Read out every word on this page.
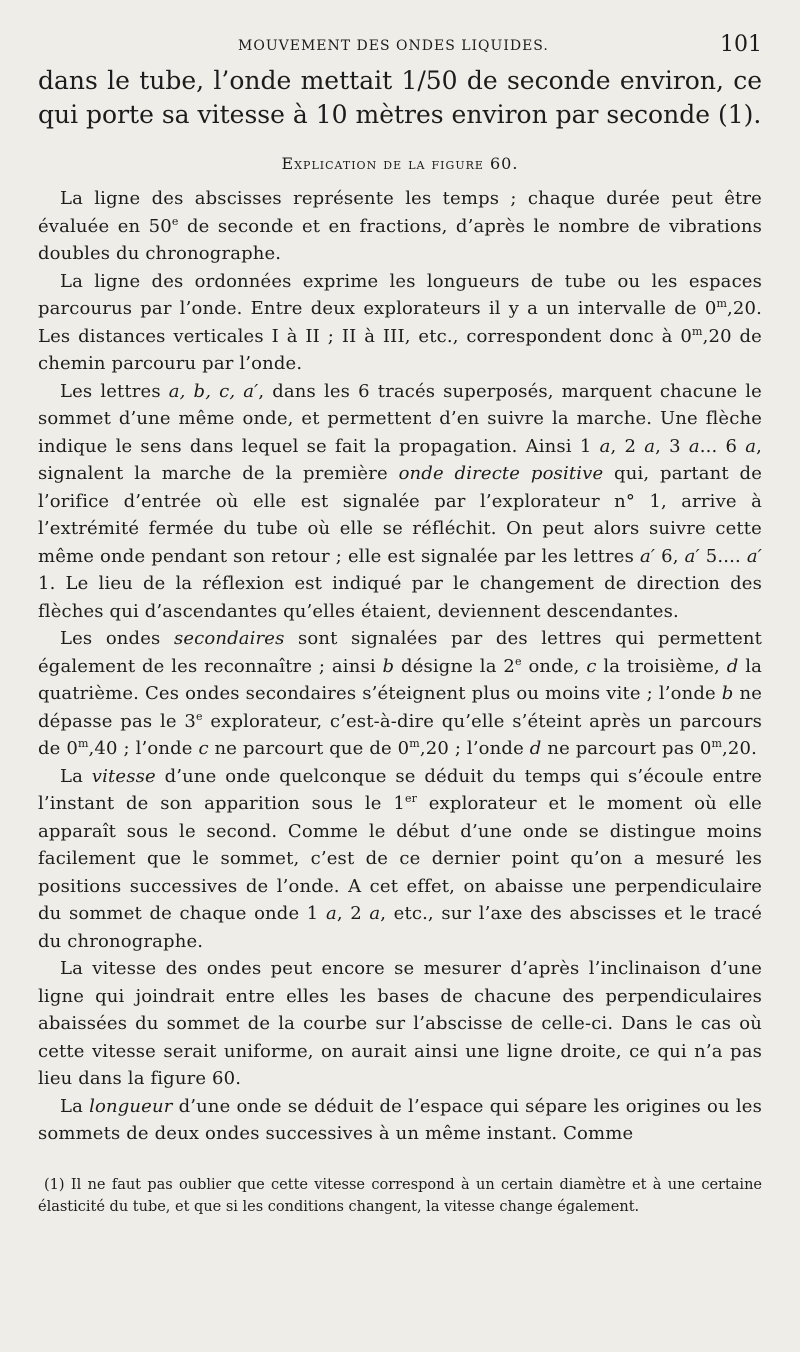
MOUVEMENT DES ONDES LIQUIDES.	101

dans le tube, l’onde mettait 1/50 de seconde environ, ce qui porte sa vitesse à 10 mètres environ par seconde (1).

Explication de la figure 60.

La ligne des abscisses représente les temps ; chaque durée peut être évaluée en 50e de seconde et en fractions, d’après le nombre de vibrations doubles du chronographe.

La ligne des ordonnées exprime les longueurs de tube ou les espaces parcourus par l’onde. Entre deux explorateurs il y a un intervalle de 0$^m$,20. Les distances verticales I à II ; II à III, etc., correspondent donc à 0$^m$,20 de chemin parcouru par l’onde.

Les lettres a, b, c, a′, dans les 6 tracés superposés, marquent chacune le sommet d’une même onde, et permettent d’en suivre la marche. Une flèche indique le sens dans lequel se fait la propagation. Ainsi 1 a, 2 a, 3 a... 6 a, signalent la marche de la première onde directe positive qui, partant de l’orifice d’entrée où elle est signalée par l’explorateur n° 1, arrive à l’extrémité fermée du tube où elle se réfléchit. On peut alors suivre cette même onde pendant son retour ; elle est signalée par les lettres a′ 6, a′ 5.... a′ 1. Le lieu de la réflexion est indiqué par le changement de direction des flèches qui d’ascendantes qu’elles étaient, deviennent descendantes.

Les ondes secondaires sont signalées par des lettres qui permettent également de les reconnaître ; ainsi b désigne la 2e onde, c la troisième, d la quatrième. Ces ondes secondaires s’éteignent plus ou moins vite ; l’onde b ne dépasse pas le 3e explorateur, c’est-à-dire qu’elle s’éteint après un parcours de 0$^m$,40 ; l’onde c ne parcourt que de 0$^m$,20 ; l’onde d ne parcourt pas 0$^m$,20.

La vitesse d’une onde quelconque se déduit du temps qui s’écoule entre l’instant de son apparition sous le 1er explorateur et le moment où elle apparaît sous le second. Comme le début d’une onde se distingue moins facilement que le sommet, c’est de ce dernier point qu’on a mesuré les positions successives de l’onde. A cet effet, on abaisse une perpendiculaire du sommet de chaque onde 1 a, 2 a, etc., sur l’axe des abscisses et le tracé du chronographe.

La vitesse des ondes peut encore se mesurer d’après l’inclinaison d’une ligne qui joindrait entre elles les bases de chacune des perpendiculaires abaissées du sommet de la courbe sur l’abscisse de celle-ci. Dans le cas où cette vitesse serait uniforme, on aurait ainsi une ligne droite, ce qui n’a pas lieu dans la figure 60.

La longueur d’une onde se déduit de l’espace qui sépare les origines ou les sommets de deux ondes successives à un même instant. Comme

(1) Il ne faut pas oublier que cette vitesse correspond à un certain diamètre et à une certaine élasticité du tube, et que si les conditions changent, la vitesse change également.
